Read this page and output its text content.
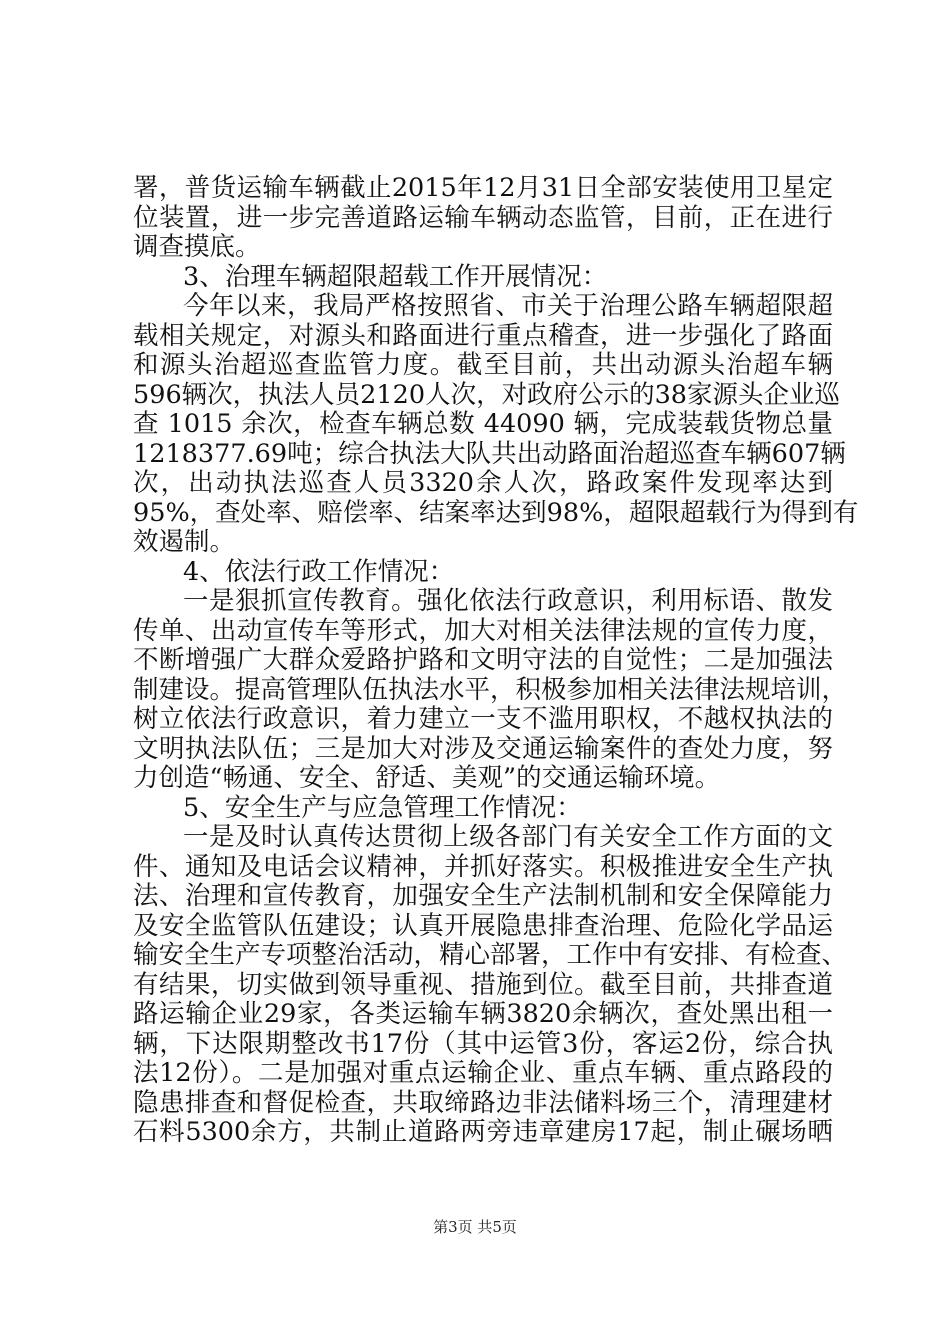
署，普货运输车辆截止2015年12月31日全部安装使用卫星定
位装置，进一步完善道路运输车辆动态监管，目前，正在进行
调查摸底。
3、治理车辆超限超载工作开展情况：
今年以来，我局严格按照省、市关于治理公路车辆超限超
载相关规定，对源头和路面进行重点稽查，进一步强化了路面
和源头治超巡查监管力度。截至目前，共出动源头治超车辆
596辆次，执法人员2120人次，对政府公示的38家源头企业巡
查 1015 余次，检查车辆总数 44090 辆，完成装载货物总量
1218377.69吨；综合执法大队共出动路面治超巡查车辆607辆
次，出动执法巡查人员3320余人次，路政案件发现率达到
95%，查处率、赔偿率、结案率达到98%，超限超载行为得到有
效遏制。
4、依法行政工作情况：
一是狠抓宣传教育。强化依法行政意识，利用标语、散发
传单、出动宣传车等形式，加大对相关法律法规的宣传力度，
不断增强广大群众爱路护路和文明守法的自觉性；二是加强法
制建设。提高管理队伍执法水平，积极参加相关法律法规培训，
树立依法行政意识，着力建立一支不滥用职权，不越权执法的
文明执法队伍；三是加大对涉及交通运输案件的查处力度，努
力创造“畅通、安全、舒适、美观”的交通运输环境。
5、安全生产与应急管理工作情况：
一是及时认真传达贯彻上级各部门有关安全工作方面的文
件、通知及电话会议精神，并抓好落实。积极推进安全生产执
法、治理和宣传教育，加强安全生产法制机制和安全保障能力
及安全监管队伍建设；认真开展隐患排查治理、危险化学品运
输安全生产专项整治活动，精心部署，工作中有安排、有检查、
有结果，切实做到领导重视、措施到位。截至目前，共排查道
路运输企业29家，各类运输车辆3820余辆次，查处黑出租一
辆，下达限期整改书17份（其中运管3份，客运2份，综合执
法12份）。二是加强对重点运输企业、重点车辆、重点路段的
隐患排查和督促检查，共取缔路边非法储料场三个，清理建材
石料5300余方，共制止道路两旁违章建房17起，制止碾场晒
第3页 共5页
